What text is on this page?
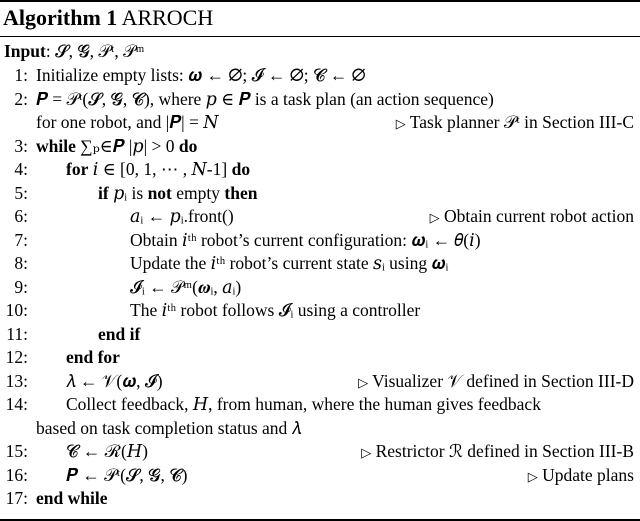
Algorithm 1 ARROCH
Input: 𝓢, 𝓖, 𝒫ᵗ, 𝒫ᵐ
1: Initialize empty lists: 𝝎 ← ∅; 𝓘 ← ∅; 𝓒 ← ∅
2: 𝑷 = 𝒫ᵗ(𝓢, 𝓖, 𝓒), where 𝑝 ∈ 𝑷 is a task plan (an action sequence)
for one robot, and |𝑷| = 𝑁	▷ Task planner 𝒫ᵗ in Section III-C
3: while ∑ₚ∈𝑷 |𝑝| > 0 do
4: for 𝑖 ∈ [0, 1, ⋯ , 𝑁-1] do
5:	if 𝑝ᵢ is not empty then
6:	𝑎ᵢ ← 𝑝ᵢ.front()	▷ Obtain current robot action
7:	Obtain 𝑖ᵗʰ robot’s current configuration: 𝝎ᵢ ← 𝜃(𝑖)
8:	Update the 𝑖ᵗʰ robot’s current state 𝑠ᵢ using 𝝎ᵢ
9:	𝓘ᵢ ← 𝒫ᵐ(𝝎ᵢ, 𝑎ᵢ)
10:	The 𝑖ᵗʰ robot follows 𝓘ᵢ using a controller
11:	end if
12: end for
13: 𝜆 ← 𝒱(𝝎, 𝓘)	▷ Visualizer 𝒱 defined in Section III-D
14: Collect feedback, 𝐻, from human, where the human gives feedback
based on task completion status and 𝜆
15: 𝓒 ← ℛ(𝐻)	▷ Restrictor ℛ defined in Section III-B
16: 𝑷 ← 𝒫ᵗ(𝓢, 𝓖, 𝓒)	▷ Update plans
17: end while
